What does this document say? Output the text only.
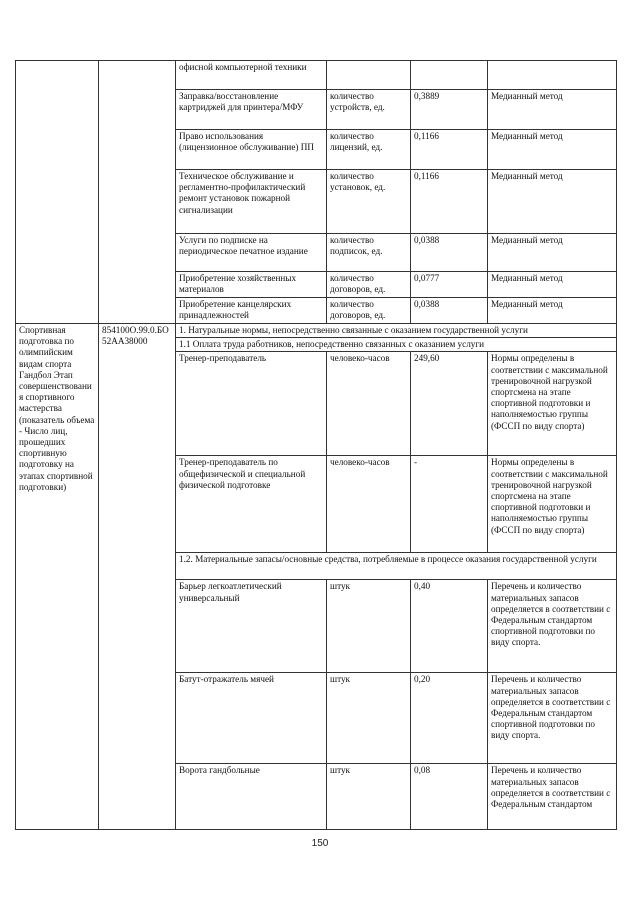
		офисной компьютерной техники			
		Заправка/восстановление картриджей для принтера/МФУ	количество устройств, ед.	0,3889	Медианный метод
		Право использования (лицензионное обслуживание) ПП	количество лицензий, ед.	0,1166	Медианный метод
		Техническое обслуживание и регламентно-профилактический ремонт установок пожарной сигнализации	количество установок, ед.	0,1166	Медианный метод
		Услуги по подписке на периодическое печатное издание	количество подписок, ед.	0,0388	Медианный метод
		Приобретение хозяйственных материалов	количество договоров, ед.	0,0777	Медианный метод
		Приобретение канцелярских принадлежностей	количество договоров, ед.	0,0388	Медианный метод
Спортивная подготовка по олимпийским видам спорта Гандбол Этап совершенствования спортивного мастерства (показатель объема - Число лиц, прошедших спортивную подготовку на этапах спортивной подготовки)	854100О.99.0.БО52АА38000	1. Натуральные нормы, непосредственно связанные с оказанием государственной услуги			
		1.1 Оплата труда работников, непосредственно связанных с оказанием услуги			
		Тренер-преподаватель	человеко-часов	249,60	Нормы определены в соответствии с максимальной тренировочной нагрузкой спортсмена на этапе спортивной подготовки и наполняемостью группы (ФССП по виду спорта)
		Тренер-преподаватель по общефизической и специальной физической подготовке	человеко-часов	-	Нормы определены в соответствии с максимальной тренировочной нагрузкой спортсмена на этапе спортивной подготовки и наполняемостью группы (ФССП по виду спорта)
		1.2. Материальные запасы/основные средства, потребляемые в процессе оказания государственной услуги			
		Барьер легкоатлетический универсальный	штук	0,40	Перечень и количество материальных запасов определяется в соответствии с Федеральным стандартом спортивной подготовки по виду спорта.
		Батут-отражатель мячей	штук	0,20	Перечень и количество материальных запасов определяется в соответствии с Федеральным стандартом спортивной подготовки по виду спорта.
		Ворота гандбольные	штук	0,08	Перечень и количество материальных запасов определяется в соответствии с Федеральным стандартом
150
